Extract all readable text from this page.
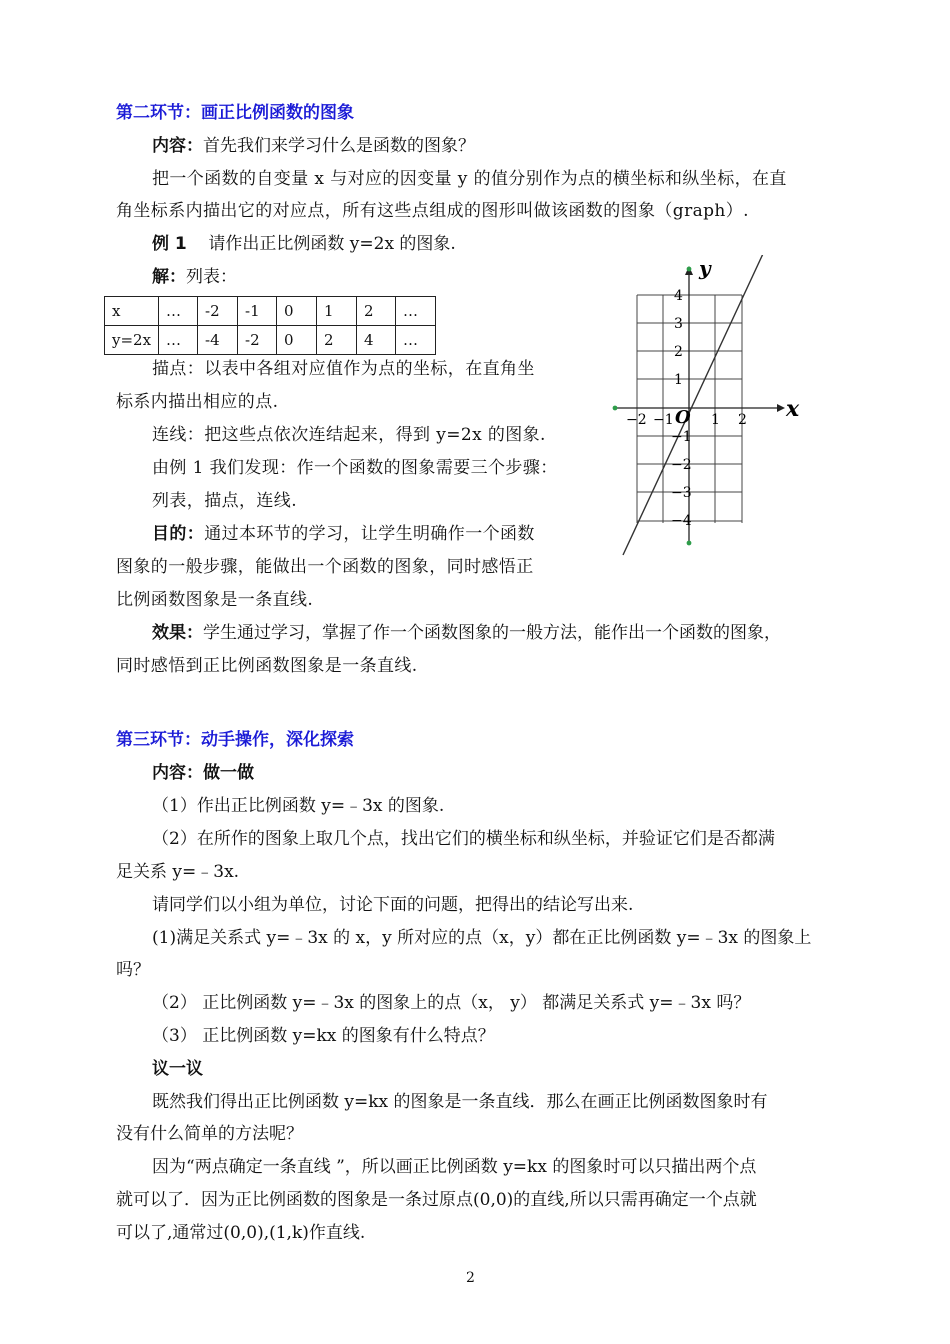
第二环节：画正比例函数的图象
内容：首先我们来学习什么是函数的图象？
把一个函数的自变量 x 与对应的因变量 y 的值分别作为点的横坐标和纵坐标，在直
角坐标系内描出它的对应点，所有这些点组成的图形叫做该函数的图象（graph）.
例 1 请作出正比例函数 y=2x 的图象.
解：列表：
x	…	-2	-1	0	1	2	…
y=2x	…	-4	-2	0	2	4	…
描点：以表中各组对应值作为点的坐标，在直角坐
标系内描出相应的点.
连线：把这些点依次连结起来，得到 y=2x 的图象.
由例 1 我们发现：作一个函数的图象需要三个步骤：
列表，描点，连线.
目的：通过本环节的学习，让学生明确作一个函数
图象的一般步骤，能做出一个函数的图象，同时感悟正
比例函数图象是一条直线.
效果：学生通过学习，掌握了作一个函数图象的一般方法，能作出一个函数的图象，
同时感悟到正比例函数图象是一条直线.
y
x
O
−2 −1	1 2
4
3
2
1
−1
−2
−3
−4
第三环节：动手操作，深化探索
内容：做一做
（1）作出正比例函数 y=﹣3x 的图象.
（2）在所作的图象上取几个点，找出它们的横坐标和纵坐标，并验证它们是否都满
足关系 y=﹣3x.
请同学们以小组为单位，讨论下面的问题，把得出的结论写出来.
(1)满足关系式 y=﹣3x 的 x，y 所对应的点（x，y）都在正比例函数 y=﹣3x 的图象上
吗？
（2） 正比例函数 y=﹣3x 的图象上的点（x， y） 都满足关系式 y=﹣3x 吗？
（3） 正比例函数 y=kx 的图象有什么特点？
议一议
既然我们得出正比例函数 y=kx 的图象是一条直线．那么在画正比例函数图象时有
没有什么简单的方法呢？
因为“两点确定一条直线 ”，所以画正比例函数 y=kx 的图象时可以只描出两个点
就可以了．因为正比例函数的图象是一条过原点(0,0)的直线,所以只需再确定一个点就
可以了,通常过(0,0),(1,k)作直线.
2
